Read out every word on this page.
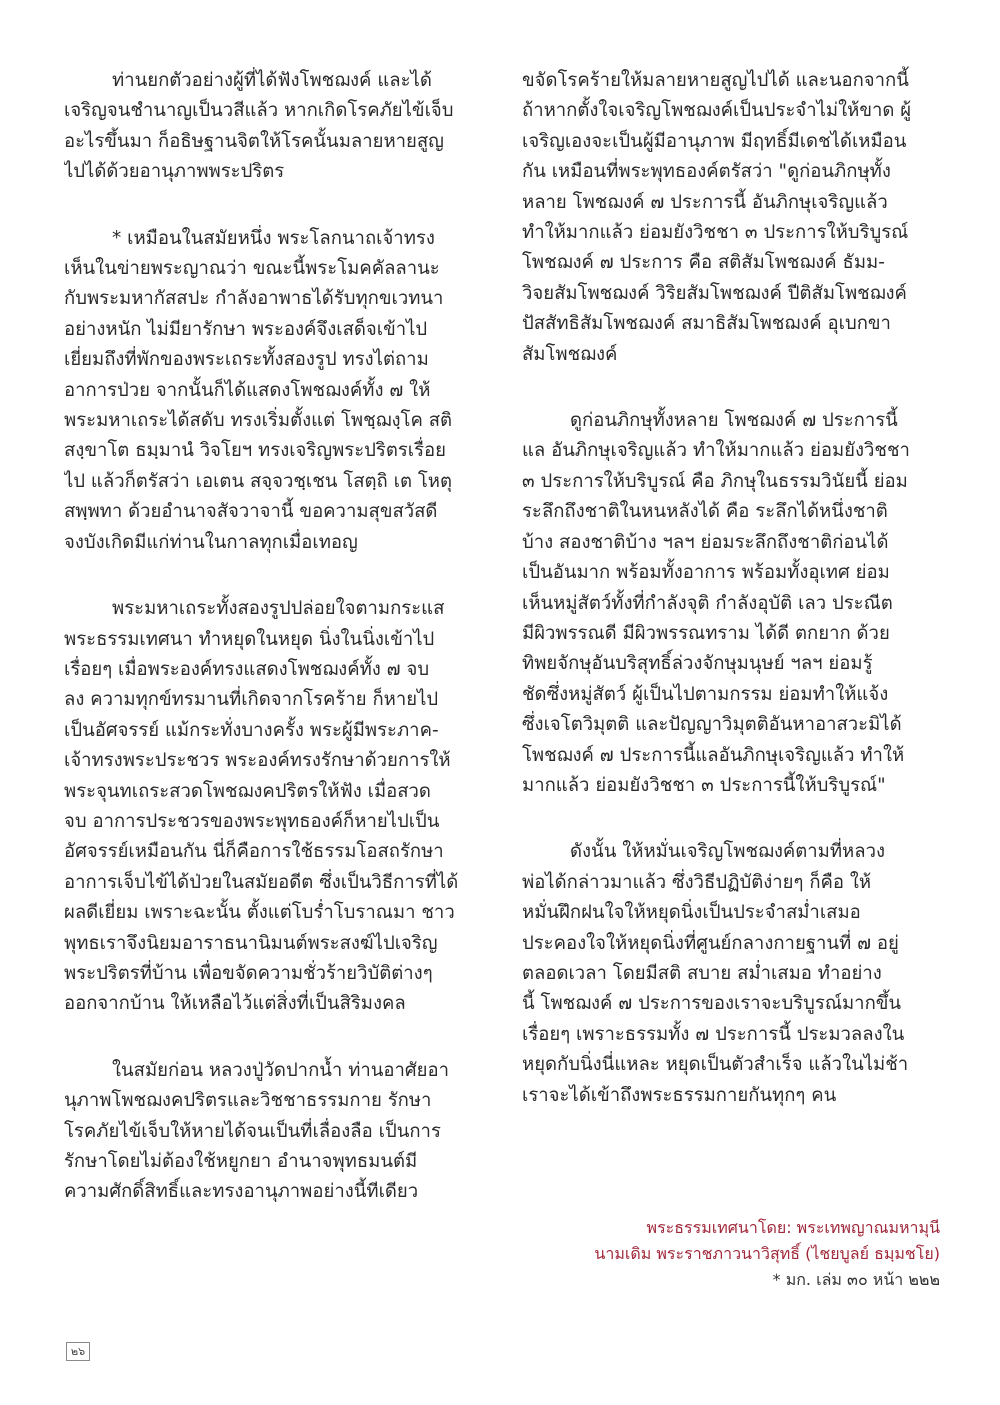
ท่านยกตัวอย่างผู้ที่ได้ฟังโพชฌงค์ และได้
เจริญจนชำนาญเป็นวสีแล้ว หากเกิดโรคภัยไข้เจ็บ
อะไรขึ้นมา ก็อธิษฐานจิตให้โรคนั้นมลายหายสูญ
ไปได้ด้วยอานุภาพพระปริตร

* เหมือนในสมัยหนึ่ง พระโลกนาถเจ้าทรง
เห็นในข่ายพระญาณว่า ขณะนี้พระโมคคัลลานะ
กับพระมหากัสสปะ กำลังอาพาธได้รับทุกขเวทนา
อย่างหนัก ไม่มียารักษา พระองค์จึงเสด็จเข้าไป
เยี่ยมถึงที่พักของพระเถระทั้งสองรูป ทรงไต่ถาม
อาการป่วย จากนั้นก็ได้แสดงโพชฌงค์ทั้ง ๗ ให้
พระมหาเถระได้สดับ ทรงเริ่มตั้งแต่ โพชฺฌงฺโค สติ
สงฺขาโต ธมฺมานํ วิจโยฯ ทรงเจริญพระปริตรเรื่อย
ไป แล้วก็ตรัสว่า เอเตน สจฺจวชฺเชน โสตฺถิ เต โหตุ
สพฺพทา ด้วยอำนาจสัจวาจานี้ ขอความสุขสวัสดี
จงบังเกิดมีแก่ท่านในกาลทุกเมื่อเทอญ

พระมหาเถระทั้งสองรูปปล่อยใจตามกระแส
พระธรรมเทศนา ทำหยุดในหยุด นิ่งในนิ่งเข้าไป
เรื่อยๆ เมื่อพระองค์ทรงแสดงโพชฌงค์ทั้ง ๗ จบ
ลง ความทุกข์ทรมานที่เกิดจากโรคร้าย ก็หายไป
เป็นอัศจรรย์ แม้กระทั่งบางครั้ง พระผู้มีพระภาค-
เจ้าทรงพระประชวร พระองค์ทรงรักษาด้วยการให้
พระจุนทเถระสวดโพชฌงคปริตรให้ฟัง เมื่อสวด
จบ อาการประชวรของพระพุทธองค์ก็หายไปเป็น
อัศจรรย์เหมือนกัน นี่ก็คือการใช้ธรรมโอสถรักษา
อาการเจ็บไข้ได้ป่วยในสมัยอดีต ซึ่งเป็นวิธีการที่ได้
ผลดีเยี่ยม เพราะฉะนั้น ตั้งแต่โบร่ำโบราณมา ชาว
พุทธเราจึงนิยมอาราธนานิมนต์พระสงฆ์ไปเจริญ
พระปริตรที่บ้าน เพื่อขจัดความชั่วร้ายวิบัติต่างๆ
ออกจากบ้าน ให้เหลือไว้แต่สิ่งที่เป็นสิริมงคล

ในสมัยก่อน หลวงปู่วัดปากน้ำ ท่านอาศัยอา
นุภาพโพชฌงคปริตรและวิชชาธรรมกาย รักษา
โรคภัยไข้เจ็บให้หายได้จนเป็นที่เลื่องลือ เป็นการ
รักษาโดยไม่ต้องใช้หยูกยา อำนาจพุทธมนต์มี
ความศักดิ์สิทธิ์และทรงอานุภาพอย่างนี้ทีเดียว

ขจัดโรคร้ายให้มลายหายสูญไปได้ และนอกจากนี้
ถ้าหากตั้งใจเจริญโพชฌงค์เป็นประจำไม่ให้ขาด ผู้
เจริญเองจะเป็นผู้มีอานุภาพ มีฤทธิ์มีเดชได้เหมือน
กัน เหมือนที่พระพุทธองค์ตรัสว่า "ดูก่อนภิกษุทั้ง
หลาย โพชฌงค์ ๗ ประการนี้ อันภิกษุเจริญแล้ว
ทำให้มากแล้ว ย่อมยังวิชชา ๓ ประการให้บริบูรณ์
โพชฌงค์ ๗ ประการ คือ สติสัมโพชฌงค์ ธัมม-
วิจยสัมโพชฌงค์ วิริยสัมโพชฌงค์ ปีติสัมโพชฌงค์
ปัสสัทธิสัมโพชฌงค์ สมาธิสัมโพชฌงค์ อุเบกขา
สัมโพชฌงค์

ดูก่อนภิกษุทั้งหลาย โพชฌงค์ ๗ ประการนี้
แล อันภิกษุเจริญแล้ว ทำให้มากแล้ว ย่อมยังวิชชา
๓ ประการให้บริบูรณ์ คือ ภิกษุในธรรมวินัยนี้ ย่อม
ระลึกถึงชาติในหนหลังได้ คือ ระลึกได้หนึ่งชาติ
บ้าง สองชาติบ้าง ฯลฯ ย่อมระลึกถึงชาติก่อนได้
เป็นอันมาก พร้อมทั้งอาการ พร้อมทั้งอุเทศ ย่อม
เห็นหมู่สัตว์ทั้งที่กำลังจุติ กำลังอุบัติ เลว ประณีต
มีผิวพรรณดี มีผิวพรรณทราม ได้ดี ตกยาก ด้วย
ทิพยจักษุอันบริสุทธิ์ล่วงจักษุมนุษย์ ฯลฯ ย่อมรู้
ชัดซึ่งหมู่สัตว์ ผู้เป็นไปตามกรรม ย่อมทำให้แจ้ง
ซึ่งเจโตวิมุตติ และปัญญาวิมุตติอันหาอาสวะมิได้
โพชฌงค์ ๗ ประการนี้แลอันภิกษุเจริญแล้ว ทำให้
มากแล้ว ย่อมยังวิชชา ๓ ประการนี้ให้บริบูรณ์"

ดังนั้น ให้หมั่นเจริญโพชฌงค์ตามที่หลวง
พ่อได้กล่าวมาแล้ว ซึ่งวิธีปฏิบัติง่ายๆ ก็คือ ให้
หมั่นฝึกฝนใจให้หยุดนิ่งเป็นประจำสม่ำเสมอ
ประคองใจให้หยุดนิ่งที่ศูนย์กลางกายฐานที่ ๗ อยู่
ตลอดเวลา โดยมีสติ สบาย สม่ำเสมอ ทำอย่าง
นี้ โพชฌงค์ ๗ ประการของเราจะบริบูรณ์มากขึ้น
เรื่อยๆ เพราะธรรมทั้ง ๗ ประการนี้ ประมวลลงใน
หยุดกับนิ่งนี่แหละ หยุดเป็นตัวสำเร็จ แล้วในไม่ช้า
เราจะได้เข้าถึงพระธรรมกายกันทุกๆ คน

พระธรรมเทศนาโดย: พระเทพญาณมหามุนี
นามเดิม พระราชภาวนาวิสุทธิ์ (ไชยบูลย์ ธมฺมชโย)
* มก. เล่ม ๓๐ หน้า ๒๒๒
๒๖
